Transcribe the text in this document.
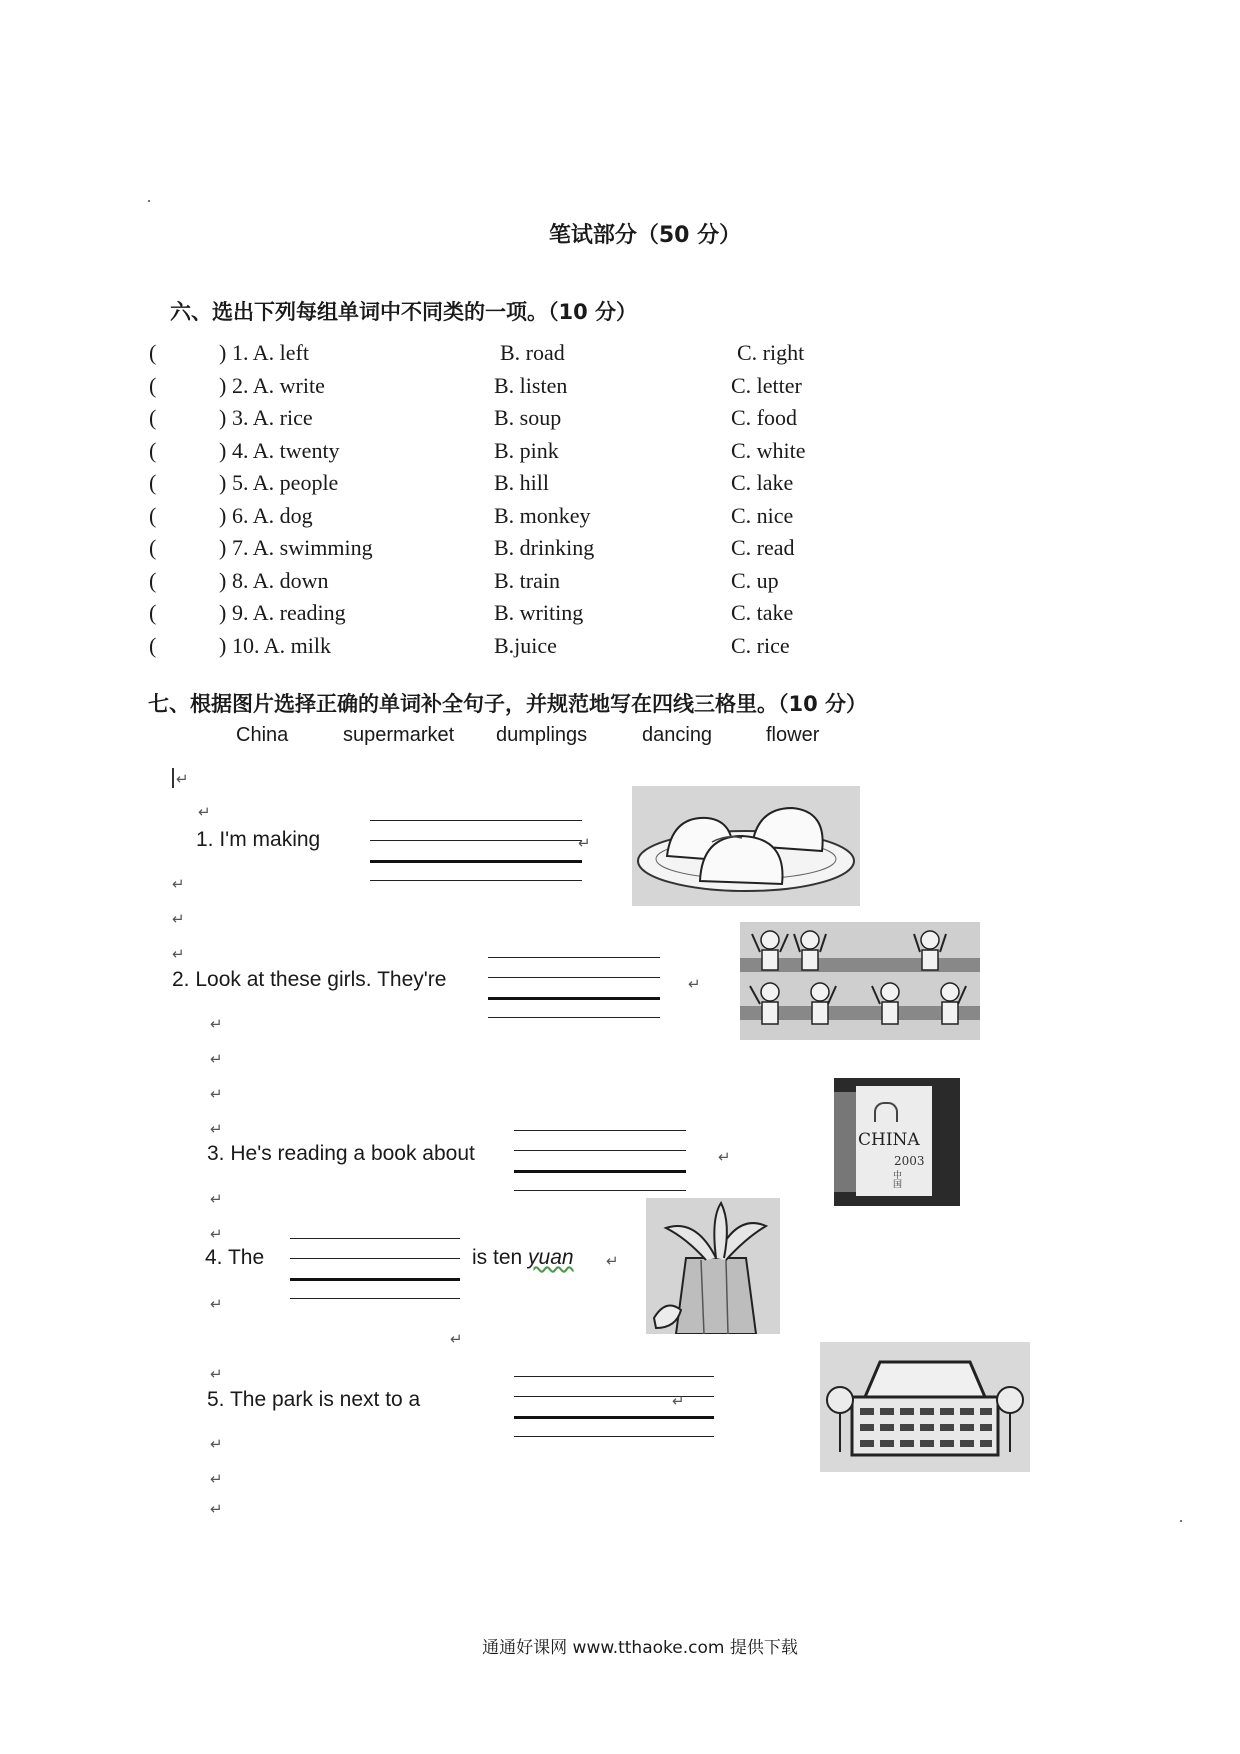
笔试部分（50 分）
六、选出下列每组单词中不同类的一项。（10 分）
(	) 1. A. left	B. road	C. right
(	) 2. A. write	B. listen	C. letter
(	) 3. A. rice	B. soup	C. food
(	) 4. A. twenty	B. pink	C. white
(	) 5. A. people	B. hill	C. lake
(	) 6. A. dog	B. monkey	C. nice
(	) 7. A. swimming	B. drinking	C. read
(	) 8. A. down	B. train	C. up
(	) 9. A. reading	B. writing	C. take
(	) 10. A. milk	B.juice	C. rice
七、根据图片选择正确的单词补全句子，并规范地写在四线三格里。（10 分）
China	supermarket dumplings	dancing	flower
↵
↵
↵
↵
↵
↵
↵
↵
↵
↵
↵
↵
↵
↵
↵
↵
↵
1. I'm making	↵
2. Look at these girls. They're	↵
3. He's reading a book about	↵
CHINA
2003
中国
4. The	is ten yuan ↵
5. The park is next to a	↵
通通好课网 www.tthaoke.com 提供下载
